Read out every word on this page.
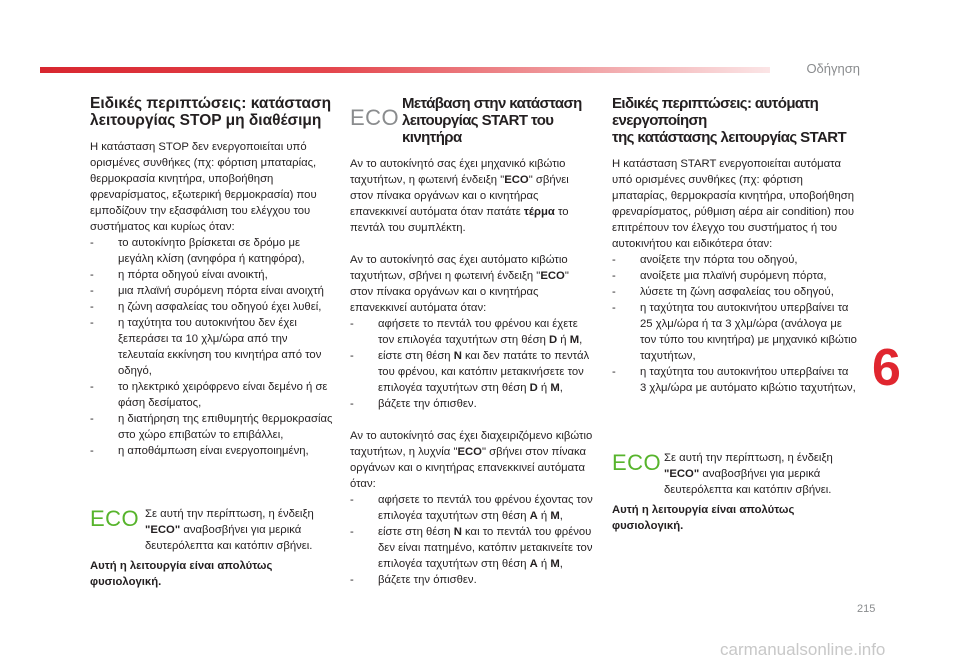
Οδήγηση
Ειδικές περιπτώσεις: κατάσταση
λειτουργίας STOP μη διαθέσιμη

Η κατάσταση STOP δεν ενεργοποιείται υπό ορισμένες συνθήκες (πχ: φόρτιση μπαταρίας, θερμοκρασία κινητήρα, υποβοήθηση φρεναρίσματος, εξωτερική θερμοκρασία) που εμποδίζουν την εξασφάλιση του ελέγχου του συστήματος και κυρίως όταν:

- το αυτοκίνητο βρίσκεται σε δρόμο με μεγάλη κλίση (ανηφόρα ή κατηφόρα),
- η πόρτα οδηγού είναι ανοικτή,
- μια πλαϊνή συρόμενη πόρτα είναι ανοιχτή
- η ζώνη ασφαλείας του οδηγού έχει λυθεί,
- η ταχύτητα του αυτοκινήτου δεν έχει ξεπεράσει τα 10 χλμ/ώρα από την τελευταία εκκίνηση του κινητήρα από τον οδηγό,
- το ηλεκτρικό χειρόφρενο είναι δεμένο ή σε φάση δεσίματος,
- η διατήρηση της επιθυμητής θερμοκρασίας στο χώρο επιβατών το επιβάλλει,
- η αποθάμπωση είναι ενεργοποιημένη,
ECO Σε αυτή την περίπτωση, η ένδειξη "ECO" αναβοσβήνει για μερικά δευτερόλεπτα και κατόπιν σβήνει.

Αυτή η λειτουργία είναι απολύτως φυσιολογική.

ECO
Μετάβαση στην κατάσταση
λειτουργίας START του κινητήρα

Αν το αυτοκίνητό σας έχει μηχανικό κιβώτιο ταχυτήτων, η φωτεινή ένδειξη "ECO" σβήνει στον πίνακα οργάνων και ο κινητήρας επανεκκινεί αυτόματα όταν πατάτε τέρμα το πεντάλ του συμπλέκτη.

Αν το αυτοκίνητό σας έχει αυτόματο κιβώτιο ταχυτήτων, σβήνει η φωτεινή ένδειξη "ECO" στον πίνακα οργάνων και ο κινητήρας επανεκκινεί αυτόματα όταν:

- αφήσετε το πεντάλ του φρένου και έχετε τον επιλογέα ταχυτήτων στη θέση D ή M,
- είστε στη θέση N και δεν πατάτε το πεντάλ του φρένου, και κατόπιν μετακινήσετε τον επιλογέα ταχυτήτων στη θέση D ή M,
- βάζετε την όπισθεν.

Αν το αυτοκίνητό σας έχει διαχειριζόμενο κιβώτιο ταχυτήτων, η λυχνία "ECO" σβήνει στον πίνακα οργάνων και ο κινητήρας επανεκκινεί αυτόματα όταν:

- αφήσετε το πεντάλ του φρένου έχοντας τον επιλογέα ταχυτήτων στη θέση A ή M,
- είστε στη θέση N και το πεντάλ του φρένου δεν είναι πατημένο, κατόπιν μετακινείτε τον επιλογέα ταχυτήτων στη θέση A ή M,
- βάζετε την όπισθεν.
Ειδικές περιπτώσεις: αυτόματη ενεργοποίηση
της κατάστασης λειτουργίας START

Η κατάσταση START ενεργοποιείται αυτόματα υπό ορισμένες συνθήκες (πχ: φόρτιση μπαταρίας, θερμοκρασία κινητήρα, υποβοήθηση φρεναρίσματος, ρύθμιση αέρα air condition) που επιτρέπουν τον έλεγχο του συστήματος ή του αυτοκινήτου και ειδικότερα όταν:

- ανοίξετε την πόρτα του οδηγού,
- ανοίξετε μια πλαϊνή συρόμενη πόρτα,
- λύσετε τη ζώνη ασφαλείας του οδηγού,
- η ταχύτητα του αυτοκινήτου υπερβαίνει τα 25 χλμ/ώρα ή τα 3 χλμ/ώρα (ανάλογα με τον τύπο του κινητήρα) με μηχανικό κιβώτιο ταχυτήτων,
- η ταχύτητα του αυτοκινήτου υπερβαίνει τα 3 χλμ/ώρα με αυτόματο κιβώτιο ταχυτήτων,
ECO Σε αυτή την περίπτωση, η ένδειξη "ECO" αναβοσβήνει για μερικά δευτερόλεπτα και κατόπιν σβήνει.

Αυτή η λειτουργία είναι απολύτως φυσιολογική.

6
215
carmanualsonline.info
